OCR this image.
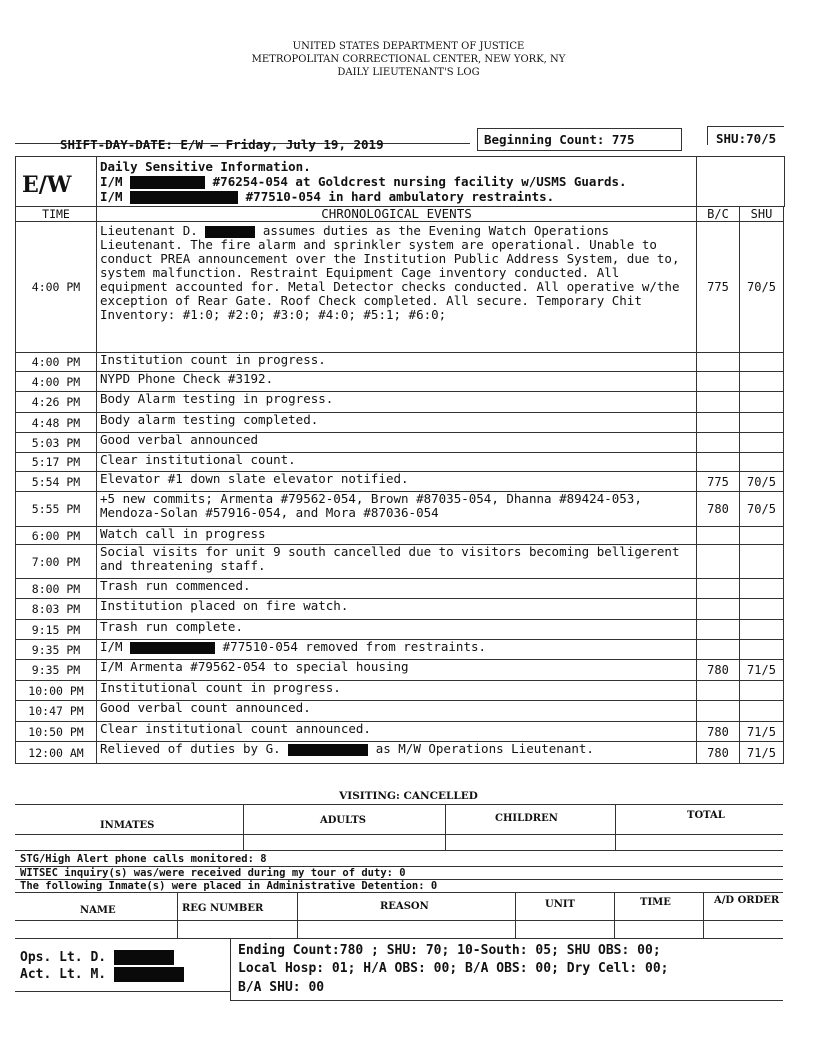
UNITED STATES DEPARTMENT OF JUSTICE
METROPOLITAN CORRECTIONAL CENTER, NEW YORK, NY
DAILY LIEUTENANT'S LOG
SHIFT-DAY-DATE: E/W – Friday, July 19, 2019	Beginning Count: 775	SHU:70/5
E/W
Daily Sensitive Information.
I/M	#76254-054 at Goldcrest nursing facility w/USMS Guards.
I/M	#77510-054 in hard ambulatory restraints.
TIME	CHRONOLOGICAL EVENTS	B/C	SHU
4:00 PM	Lieutenant D. assumes duties as the Evening Watch Operations Lieutenant. The fire alarm and sprinkler system are operational. Unable to conduct PREA announcement over the Institution Public Address System, due to, system malfunction. Restraint Equipment Cage inventory conducted. All equipment accounted for. Metal Detector checks conducted. All operative w/the exception of Rear Gate. Roof Check completed. All secure. Temporary Chit Inventory: #1:0; #2:0; #3:0; #4:0; #5:1; #6:0;	775	70/5
4:00 PM	Institution count in progress.		
4:00 PM	NYPD Phone Check #3192.		
4:26 PM	Body Alarm testing in progress.		
4:48 PM	Body alarm testing completed.		
5:03 PM	Good verbal announced		
5:17 PM	Clear institutional count.		
5:54 PM	Elevator #1 down slate elevator notified.	775	70/5
5:55 PM	+5 new commits; Armenta #79562-054, Brown #87035-054, Dhanna #89424-053, Mendoza-Solan #57916-054, and Mora #87036-054	780	70/5
6:00 PM	Watch call in progress		
7:00 PM	Social visits for unit 9 south cancelled due to visitors becoming belligerent and threatening staff.		
8:00 PM	Trash run commenced.		
8:03 PM	Institution placed on fire watch.		
9:15 PM	Trash run complete.		
9:35 PM	I/M #77510-054 removed from restraints.		
9:35 PM	I/M Armenta #79562-054 to special housing	780	71/5
10:00 PM	Institutional count in progress.		
10:47 PM	Good verbal count announced.		
10:50 PM	Clear institutional count announced.	780	71/5
12:00 AM	Relieved of duties by G. as M/W Operations Lieutenant.	780	71/5
VISITING: CANCELLED
INMATES	ADULTS	CHILDREN	TOTAL
STG/High Alert phone calls monitored: 8
WITSEC inquiry(s) was/were received during my tour of duty: 0
The following Inmate(s) were placed in Administrative Detention: 0
NAME	REG NUMBER	REASON	UNIT	TIME	A/D ORDER
Ops. Lt. D.
Act. Lt. M.
Ending Count:780 ; SHU: 70; 10-South: 05; SHU OBS: 00;
Local Hosp: 01; H/A OBS: 00; B/A OBS: 00; Dry Cell: 00;
B/A SHU: 00
